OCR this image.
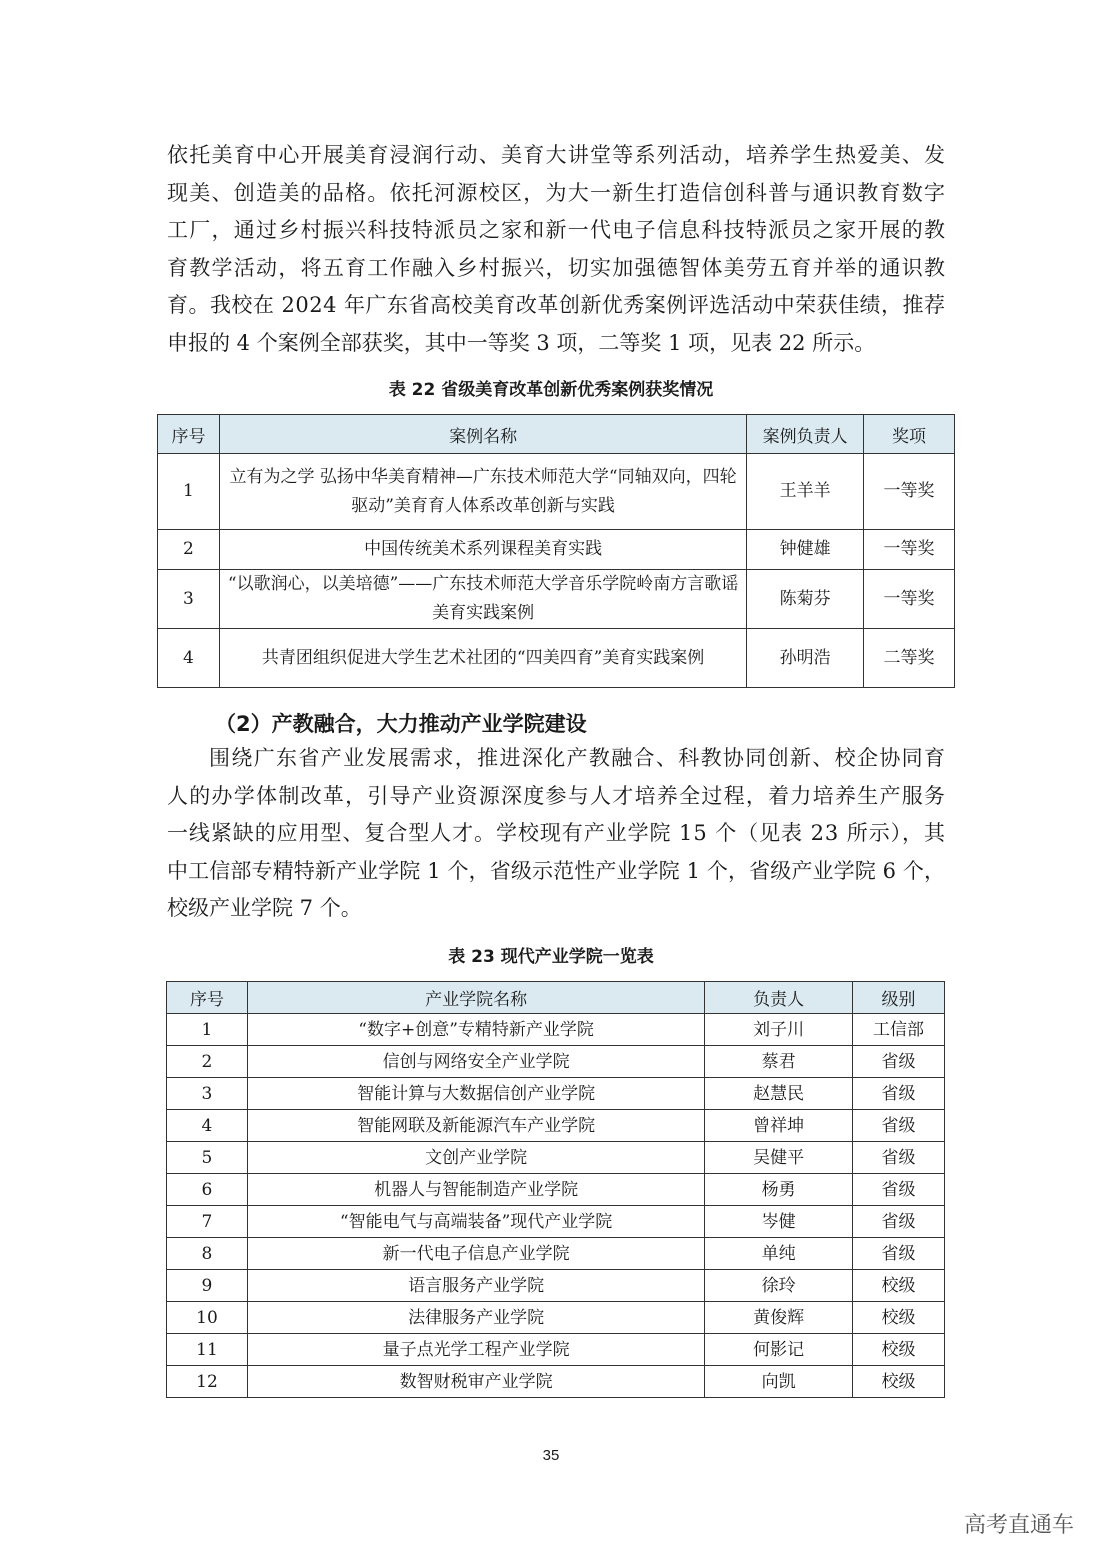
依托美育中心开展美育浸润行动、美育大讲堂等系列活动，培养学生热爱美、发
现美、创造美的品格。依托河源校区，为大一新生打造信创科普与通识教育数字
工厂，通过乡村振兴科技特派员之家和新一代电子信息科技特派员之家开展的教
育教学活动，将五育工作融入乡村振兴，切实加强德智体美劳五育并举的通识教
育。我校在 2024 年广东省高校美育改革创新优秀案例评选活动中荣获佳绩，推荐
申报的 4 个案例全部获奖，其中一等奖 3 项，二等奖 1 项，见表 22 所示。
表 22 省级美育改革创新优秀案例获奖情况
序号	案例名称	案例负责人	奖项
1	立有为之学 弘扬中华美育精神—广东技术师范大学“同轴双向，四轮驱动”美育育人体系改革创新与实践	王羊羊	一等奖
2	中国传统美术系列课程美育实践	钟健雄	一等奖
3	“以歌润心，以美培德”——广东技术师范大学音乐学院岭南方言歌谣美育实践案例	陈菊芬	一等奖
4	共青团组织促进大学生艺术社团的“四美四育”美育实践案例	孙明浩	二等奖
（2）产教融合，大力推动产业学院建设
围绕广东省产业发展需求，推进深化产教融合、科教协同创新、校企协同育
人的办学体制改革，引导产业资源深度参与人才培养全过程，着力培养生产服务
一线紧缺的应用型、复合型人才。学校现有产业学院 15 个（见表 23 所示），其
中工信部专精特新产业学院 1 个，省级示范性产业学院 1 个，省级产业学院 6 个，
校级产业学院 7 个。
表 23 现代产业学院一览表
序号	产业学院名称	负责人	级别
1	“数字+创意”专精特新产业学院	刘子川	工信部
2	信创与网络安全产业学院	蔡君	省级
3	智能计算与大数据信创产业学院	赵慧民	省级
4	智能网联及新能源汽车产业学院	曾祥坤	省级
5	文创产业学院	吴健平	省级
6	机器人与智能制造产业学院	杨勇	省级
7	“智能电气与高端装备”现代产业学院	岑健	省级
8	新一代电子信息产业学院	单纯	省级
9	语言服务产业学院	徐玲	校级
10	法律服务产业学院	黄俊辉	校级
11	量子点光学工程产业学院	何影记	校级
12	数智财税审产业学院	向凯	校级
35
高考直通车
